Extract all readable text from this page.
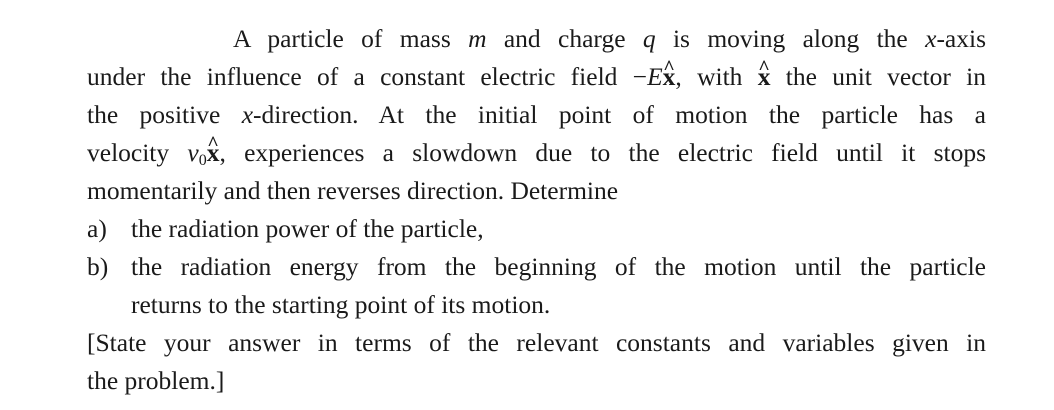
A particle of mass m and charge q is moving along the x-axis
under the influence of a constant electric field −E^ x, with ^ x the unit vector in
the positive x-direction. At the initial point of motion the particle has a
velocity $v_0\^{}$ x, experiences a slowdown due to the electric field until it stops
momentarily and then reverses direction. Determine
a) the radiation power of the particle,
b) the radiation energy from the beginning of the motion until the particle
returns to the starting point of its motion.
[State your answer in terms of the relevant constants and variables given in
the problem.]
